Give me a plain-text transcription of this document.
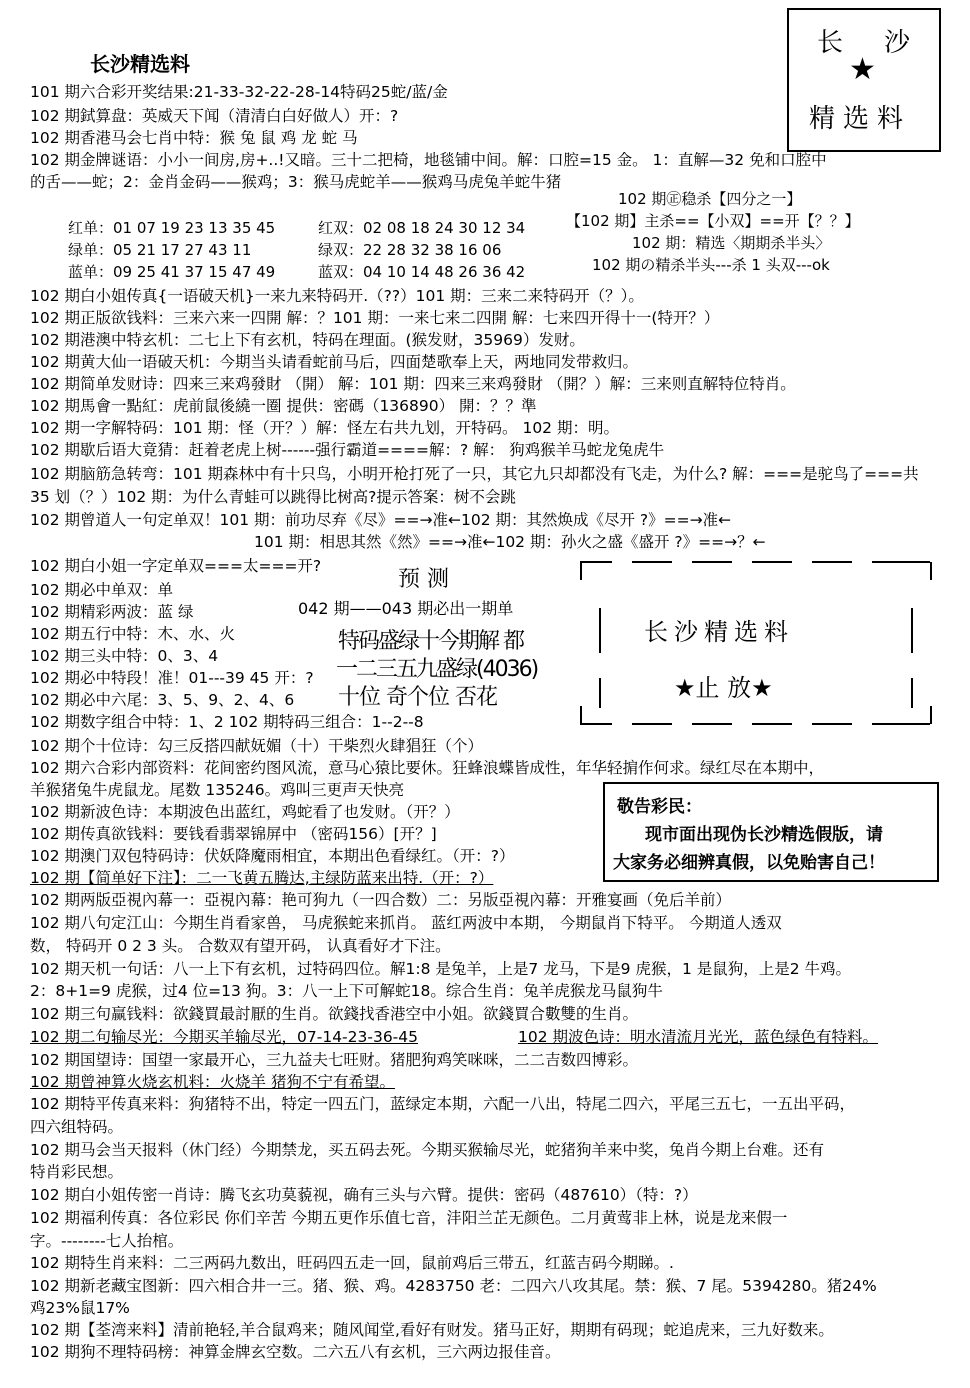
长沙精选料
长 沙
★
精选料
101 期六合彩开奖结果:21-33-32-22-28-14特码25蛇/蓝/金
102 期鉽算盘：英威天下闻（清清白白好做人）开：?
102 期香港马会七肖中特：猴 兔 鼠 鸡 龙 蛇 马
102 期金牌谜语：小小一间房,房+..!又暗。三十二把椅，地毯铺中间。解：口腔=15 金。 1：直解—32 免和口腔中
的舌——蛇；2：金肖金码——猴鸡；3：猴马虎蛇羊——猴鸡马虎兔羊蛇牛猪
102 期㊣稳杀【四分之一】
【102 期】主杀==【小双】==开【？？】
102 期：精选〈期期杀半头〉
102 期の精杀半头---杀 1 头双---ok
红单：01 07 19 23 13 35 45	红双：02 08 18 24 30 12 34
绿单：05 21 17 27 43 11	绿双：22 28 32 38 16 06
蓝单：09 25 41 37 15 47 49	蓝双：04 10 14 48 26 36 42
102 期白小姐传真{一语破天机}一来九来特码开.（??）101 期：三来二来特码开（？）。
102 期正版欲钱料：三来六来一四開 解：？101 期：一来七来二四開 解：七来四开得十一(特开？）
102 期港澳中特玄机：二七上下有玄机，特码在理面。(猴发财，35969）发财。
102 期黄大仙一语破天机：今期当头请看蛇前马后，四面楚歌奉上天，两地同发带救归。
102 期简单发财诗：四来三来鸡發財 （開） 解：101 期：四来三来鸡發財 （開？）解：三来则直解特位特肖。
102 期馬會一點紅：虎前鼠後繞一圈 提供：密碼（136890） 開：？？準
102 期一字解特码：101 期：怪（开？）解：怪左右共九划，开特码。 102 期：明。
102 期歇后语大竟猜：赶着老虎上树------强行霸道====解：? 解： 狗鸡猴羊马蛇龙兔虎牛
102 期脑筋急转弯：101 期森林中有十只鸟，小明开枪打死了一只，其它九只却都没有飞走，为什么? 解：===是驼鸟了===共
35 划（？）102 期：为什么青蛙可以跳得比树高?提示答案：树不会跳
102 期曾道人一句定单双！101 期：前功尽弃《尽》==→准←102 期：其然焕成《尽开 ?》==→准←
101 期：相思其然《然》==→准←102 期：孙火之盛《盛开 ?》==→？←
102 期白小姐一字定单双===太===开?
102 期必中单双：单
102 期精彩两波：蓝 绿
102 期五行中特：木、水、火
102 期三头中特：0、3、4
102 期必中特段！准！01---39 45 开：?
102 期必中六尾：3、5、9、2、4、6
102 期数字组合中特：1、2 102 期特码三组合：1--2--8
预 测
042 期——043 期必出一期单
特码盛绿十今期解 都
一二三五九盛绿(4036)
十位 奇个位 否花
长沙精选料
★止 放★
102 期个十位诗：勾三反搭四献妩媚（十）干柴烈火肆猖狂（个）
102 期六合彩内部资料：花间密约图风流，意马心猿比要休。狂蜂浪蝶皆成性，年华轻掮作何求。绿红尽在本期中，
羊猴猪兔牛虎鼠龙。尾数 135246。鸡叫三更声天快亮
102 期新波色诗：本期波色出蓝红，鸡蛇看了也发财。（开？）
102 期传真欲钱料：要钱看翡翠锦屏中 （密码156）[开？]
102 期澳门双包特码诗：伏妖降魔雨相宜，本期出色看绿红。（开：?）
敬告彩民：
现市面出现伪长沙精选假版，请
大家务必细辨真假，以免贻害自己！
102 期【简单好下注】：二一飞黄五腾达,主绿防蓝来出特.（开：?）
102 期两版亞視內幕一：亞視內幕：艳可狗九（一四合数）二：另版亞視內幕：开雅宴画（免后羊前）
102 期八句定江山：今期生肖看家兽， 马虎猴蛇来抓肖。 蓝红两波中本期， 今期鼠肖下特平。 今期道人透双
数， 特码开 0 2 3 头。 合数双有望开码， 认真看好才下注。
102 期天机一句话：八一上下有玄机，过特码四位。解1:8 是兔羊，上是7 龙马，下是9 虎猴，1 是鼠狗，上是2 牛鸡。
2：8+1=9 虎猴，过4 位=13 狗。3：八一上下可解蛇18。综合生肖：兔羊虎猴龙马鼠狗牛
102 期三句赢钱料：欲錢買最討厭的生肖。欲錢找香港空中小姐。欲錢買合數雙的生肖。
102 期二句输尽光：今期买羊输尽光，07-14-23-36-45	102 期波色诗：明水清流月光光，蓝色绿色有特料。
102 期国望诗：国望一家最开心，三九益夫七旺财。猪肥狗鸡笑咪咪，二二吉数四博彩。
102 期曾神算火烧玄机料：火烧羊 猪狗不宁有希望。
102 期特平传真来料：狗猪特不出，特定一四五门，蓝绿定本期，六配一八出，特尾二四六，平尾三五七，一五出平码，
四六组特码。
102 期马会当天报料（休门经）今期禁龙，买五码去死。今期买猴输尽光，蛇猪狗羊来中奖，兔肖今期上台难。还有
特肖彩民想。
102 期白小姐传密一肖诗：腾飞玄功莫藐视，确有三头与六臂。提供：密码（487610）（特：?）
102 期福利传真：各位彩民 你们辛苦 今期五更作乐值七音，沣阳兰芷无颜色。二月黄莺非上林，说是龙来假一
字。--------七人抬棺。
102 期特生肖来料：二三两码九数出，旺码四五走一回，鼠前鸡后三带五，红蓝吉码今期睇。.
102 期新老藏宝图新：四六相合井一三。猪、猴、鸡。4283750 老：二四六八攻其尾。禁：猴、7 尾。5394280。猪24%
鸡23%鼠17%
102 期【荃湾来料】清前艳轻,羊合鼠鸡来；随风闻堂,看好有财发。猪马正好，期期有码现；蛇追虎来，三九好数来。
102 期狗不理特码榜：神算金牌玄空数。二六五八有玄机，三六两边报佳音。
